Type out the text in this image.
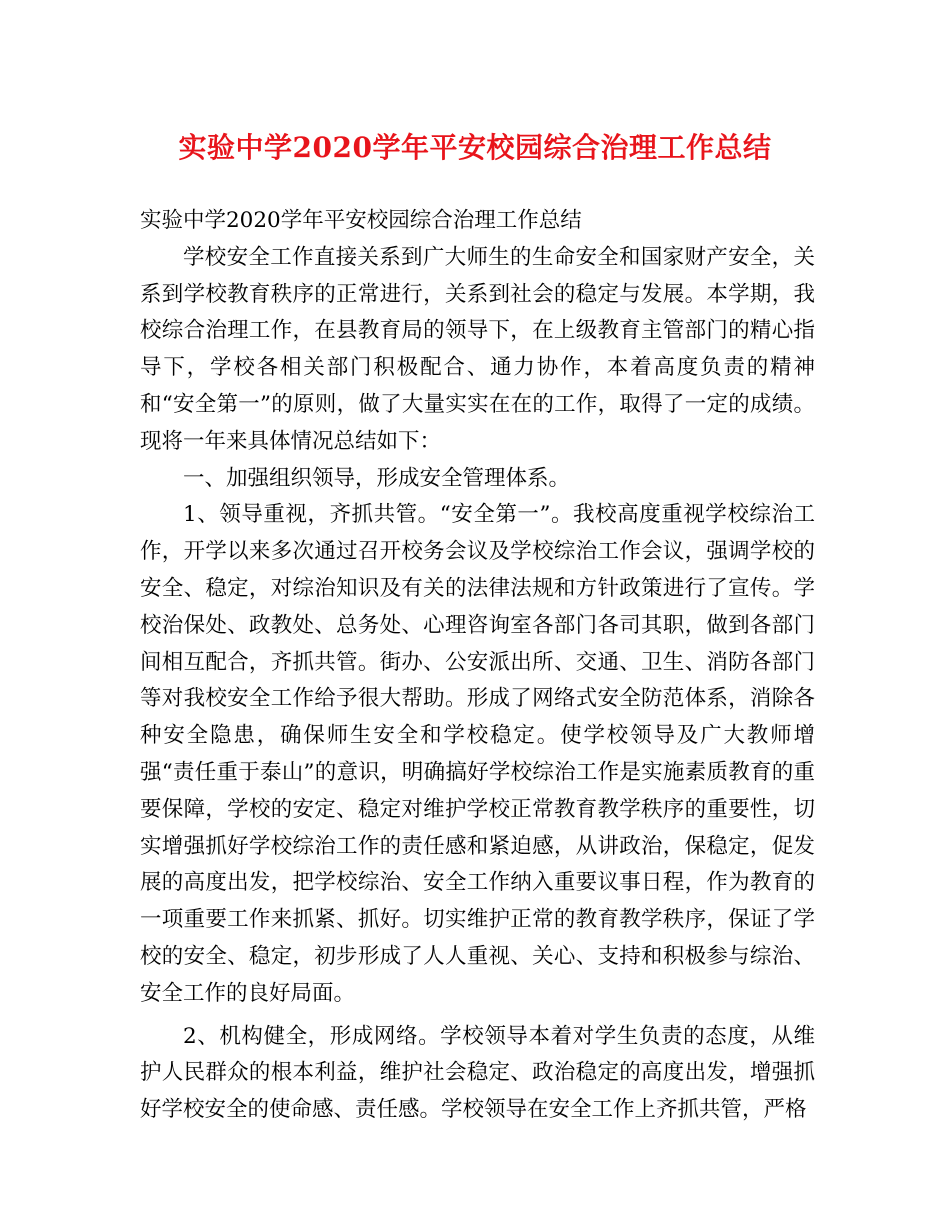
实验中学2020学年平安校园综合治理工作总结

实验中学2020学年平安校园综合治理工作总结

学校安全工作直接关系到广大师生的生命安全和国家财产安全，关系到学校教育秩序的正常进行，关系到社会的稳定与发展。本学期，我校综合治理工作，在县教育局的领导下，在上级教育主管部门的精心指导下，学校各相关部门积极配合、通力协作，本着高度负责的精神和“安全第一”的原则，做了大量实实在在的工作，取得了一定的成绩。现将一年来具体情况总结如下：

一、加强组织领导，形成安全管理体系。

1、领导重视，齐抓共管。“安全第一”。我校高度重视学校综治工作，开学以来多次通过召开校务会议及学校综治工作会议，强调学校的安全、稳定，对综治知识及有关的法律法规和方针政策进行了宣传。学校治保处、政教处、总务处、心理咨询室各部门各司其职，做到各部门间相互配合，齐抓共管。街办、公安派出所、交通、卫生、消防各部门等对我校安全工作给予很大帮助。形成了网络式安全防范体系，消除各种安全隐患，确保师生安全和学校稳定。使学校领导及广大教师增强“责任重于泰山”的意识，明确搞好学校综治工作是实施素质教育的重要保障，学校的安定、稳定对维护学校正常教育教学秩序的重要性，切实增强抓好学校综治工作的责任感和紧迫感，从讲政治，保稳定，促发展的高度出发，把学校综治、安全工作纳入重要议事日程，作为教育的一项重要工作来抓紧、抓好。切实维护正常的教育教学秩序，保证了学校的安全、稳定，初步形成了人人重视、关心、支持和积极参与综治、安全工作的良好局面。

2、机构健全，形成网络。学校领导本着对学生负责的态度，从维护人民群众的根本利益，维护社会稳定、政治稳定的高度出发，增强抓好学校安全的使命感、责任感。学校领导在安全工作上齐抓共管，严格
